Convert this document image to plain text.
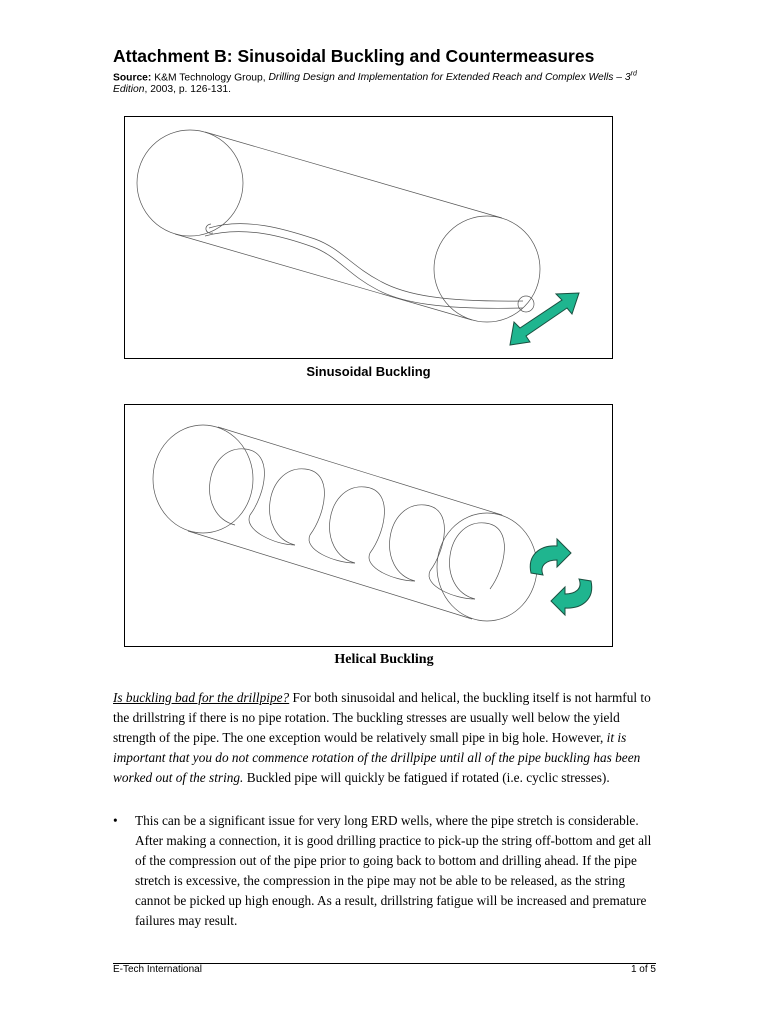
Attachment B: Sinusoidal Buckling and Countermeasures
Source: K&M Technology Group, Drilling Design and Implementation for Extended Reach and Complex Wells – 3rd
Edition, 2003, p. 126-131.
Sinusoidal Buckling
Helical Buckling
Is buckling bad for the drillpipe? For both sinusoidal and helical, the buckling itself is not harmful to the drillstring if there is no pipe rotation. The buckling stresses are usually well below the yield strength of the pipe. The one exception would be relatively small pipe in big hole. However, it is important that you do not commence rotation of the drillpipe until all of the pipe buckling has been worked out of the string. Buckled pipe will quickly be fatigued if rotated (i.e. cyclic stresses).
• This can be a significant issue for very long ERD wells, where the pipe stretch is considerable. After making a connection, it is good drilling practice to pick-up the string off-bottom and get all of the compression out of the pipe prior to going back to bottom and drilling ahead. If the pipe stretch is excessive, the compression in the pipe may not be able to be released, as the string cannot be picked up high enough. As a result, drillstring fatigue will be increased and premature failures may result.
E-Tech International	1 of 5
